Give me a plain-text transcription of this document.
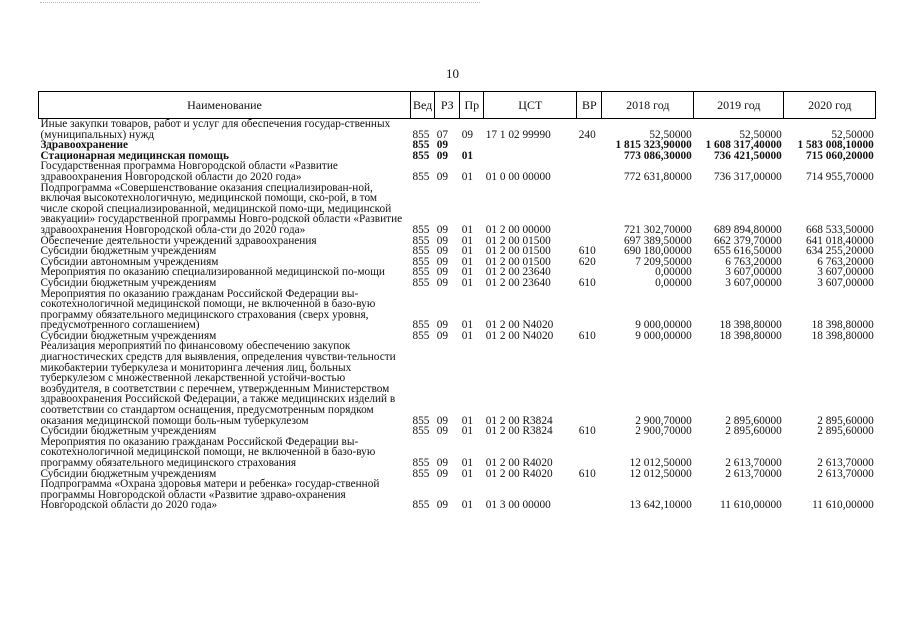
10
Наименование	Вед	РЗ	Пр	ЦСТ	ВР	2018 год	2019 год	2020 год
Иные закупки товаров, работ и услуг для обеспечения государ-ственных (муниципальных) нужд	855	07	09	17 1 02 99990	240	52,50000	52,50000	52,50000
Здравоохранение	855	09				1 815 323,90000	1 608 317,40000	1 583 008,10000
Стационарная медицинская помощь	855	09	01			773 086,30000	736 421,50000	715 060,20000
Государственная программа Новгородской области «Развитие здравоохранения Новгородской области до 2020 года»	855	09	01	01 0 00 00000		772 631,80000	736 317,00000	714 955,70000
Подпрограмма «Совершенствование оказания специализирован-ной, включая высокотехнологичную, медицинской помощи, ско-рой, в том числе скорой специализированной, медицинской помо-щи, медицинской эвакуации» государственной программы Новго-родской области «Развитие здравоохранения Новгородской обла-сти до 2020 года»	855	09	01	01 2 00 00000		721 302,70000	689 894,80000	668 533,50000
Обеспечение деятельности учреждений здравоохранения	855	09	01	01 2 00 01500		697 389,50000	662 379,70000	641 018,40000
Субсидии бюджетным учреждениям	855	09	01	01 2 00 01500	610	690 180,00000	655 616,50000	634 255,20000
Субсидии автономным учреждениям	855	09	01	01 2 00 01500	620	7 209,50000	6 763,20000	6 763,20000
Мероприятия по оказанию специализированной медицинской по-мощи	855	09	01	01 2 00 23640		0,00000	3 607,00000	3 607,00000
Субсидии бюджетным учреждениям	855	09	01	01 2 00 23640	610	0,00000	3 607,00000	3 607,00000
Мероприятия по оказанию гражданам Российской Федерации вы-сокотехнологичной медицинской помощи, не включенной в базо-вую программу обязательного медицинского страхования (сверх уровня, предусмотренного соглашением)	855	09	01	01 2 00 N4020		9 000,00000	18 398,80000	18 398,80000
Субсидии бюджетным учреждениям	855	09	01	01 2 00 N4020	610	9 000,00000	18 398,80000	18 398,80000
Реализация мероприятий по финансовому обеспечению закупок диагностических средств для выявления, определения чувстви-тельности микобактерии туберкулеза и мониторинга лечения лиц, больных туберкулезом с множественной лекарственной устойчи-востью возбудителя, в соответствии с перечнем, утвержденным Министерством здравоохранения Российской Федерации, а также медицинских изделий в соответствии со стандартом оснащения, предусмотренным порядком оказания медицинской помощи боль-ным туберкулезом	855	09	01	01 2 00 R3824		2 900,70000	2 895,60000	2 895,60000
Субсидии бюджетным учреждениям	855	09	01	01 2 00 R3824	610	2 900,70000	2 895,60000	2 895,60000
Мероприятия по оказанию гражданам Российской Федерации вы-сокотехнологичной медицинской помощи, не включенной в базо-вую программу обязательного медицинского страхования	855	09	01	01 2 00 R4020		12 012,50000	2 613,70000	2 613,70000
Субсидии бюджетным учреждениям	855	09	01	01 2 00 R4020	610	12 012,50000	2 613,70000	2 613,70000
Подпрограмма «Охрана здоровья матери и ребенка» государ-ственной программы Новгородской области «Развитие здраво-охранения Новгородской области до 2020 года»	855	09	01	01 3 00 00000		13 642,10000	11 610,00000	11 610,00000
